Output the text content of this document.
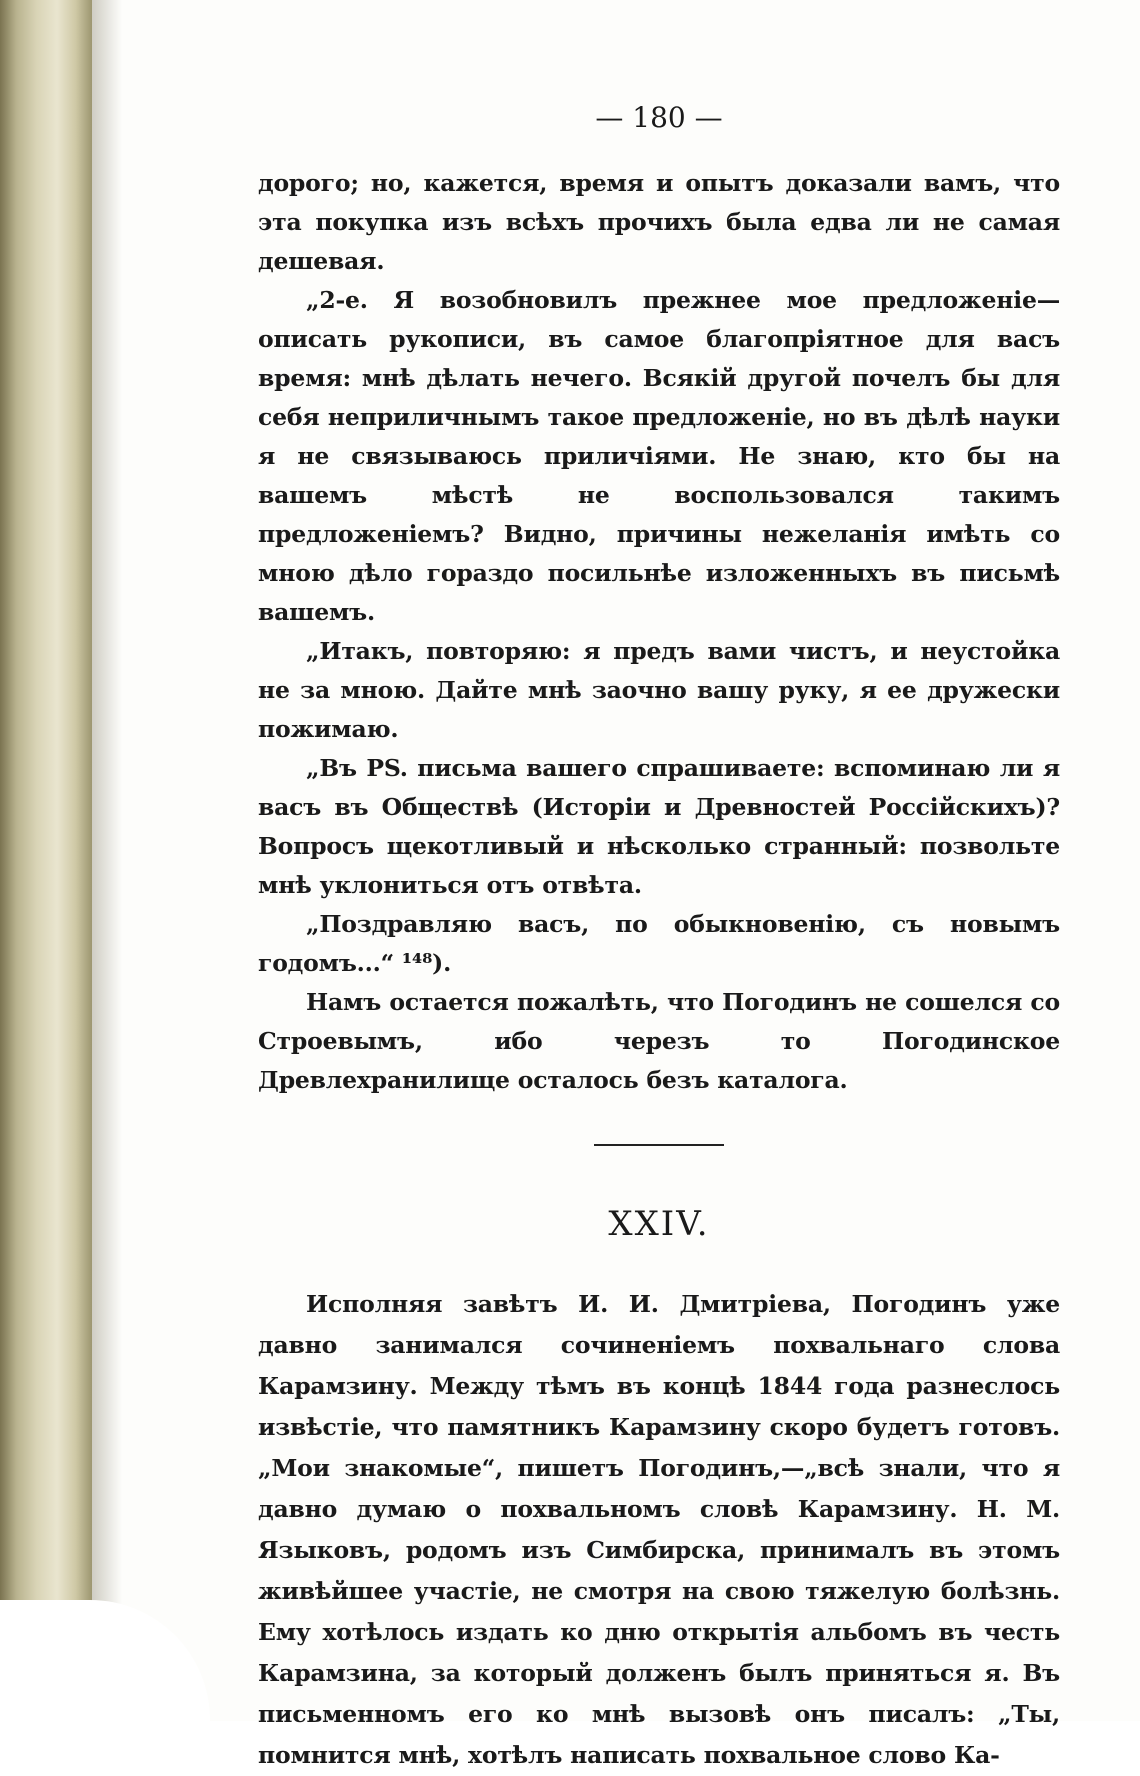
— 180 —

дорого; но, кажется, время и опытъ доказали вамъ, что эта покупка изъ всѣхъ прочихъ была едва ли не самая дешевая.

„2-е. Я возобновилъ прежнее мое предложеніе—описать рукописи, въ самое благопріятное для васъ время: мнѣ дѣлать нечего. Всякій другой почелъ бы для себя неприличнымъ такое предложеніе, но въ дѣлѣ науки я не связываюсь приличіями. Не знаю, кто бы на вашемъ мѣстѣ не воспользовался такимъ предложеніемъ? Видно, причины нежеланія имѣть со мною дѣло гораздо посильнѣе изложенныхъ въ письмѣ вашемъ.

„Итакъ, повторяю: я предъ вами чистъ, и неустойка не за мною. Дайте мнѣ заочно вашу руку, я ее дружески пожимаю.

„Въ PS. письма вашего спрашиваете: вспоминаю ли я васъ въ Обществѣ (Исторіи и Древностей Россійскихъ)? Вопросъ щекотливый и нѣсколько странный: позвольте мнѣ уклониться отъ отвѣта.

„Поздравляю васъ, по обыкновенію, съ новымъ годомъ...“ ¹⁴⁸).

Намъ остается пожалѣть, что Погодинъ не сошелся со Строевымъ, ибо черезъ то Погодинское Древлехранилище осталось безъ каталога.

XXIV.

Исполняя завѣтъ И. И. Дмитріева, Погодинъ уже давно занимался сочиненіемъ похвальнаго слова Карамзину. Между тѣмъ въ концѣ 1844 года разнеслось извѣстіе, что памятникъ Карамзину скоро будетъ готовъ. „Мои знакомые“, пишетъ Погодинъ,—„всѣ знали, что я давно думаю о похвальномъ словѣ Карамзину. Н. М. Языковъ, родомъ изъ Симбирска, принималъ въ этомъ живѣйшее участіе, не смотря на свою тяжелую болѣзнь. Ему хотѣлось издать ко дню открытія альбомъ въ честь Карамзина, за который долженъ былъ приняться я. Въ письменномъ его ко мнѣ вызовѣ онъ писалъ: „Ты, помнится мнѣ, хотѣлъ написать похвальное слово Ка-
